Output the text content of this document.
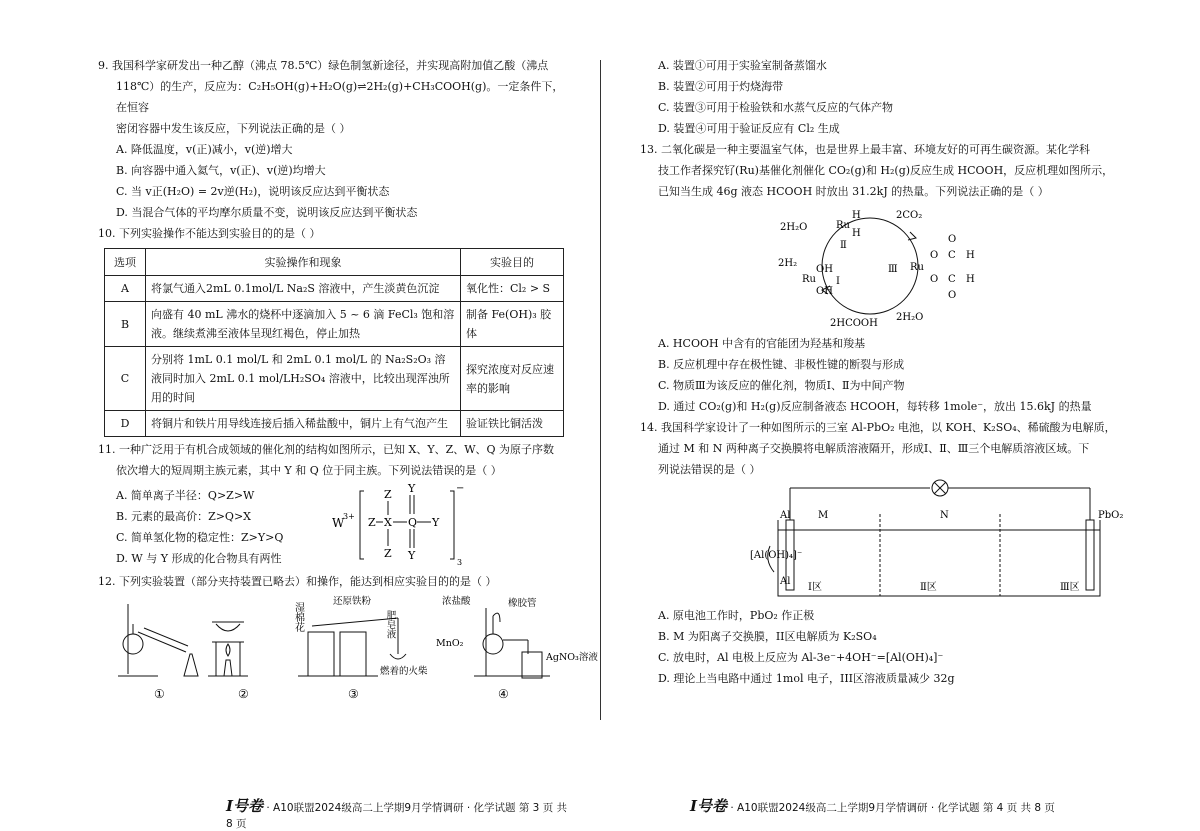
9. 我国科学家研发出一种乙醇（沸点 78.5℃）绿色制氢新途径，并实现高附加值乙酸（沸点

118℃）的生产，反应为：C₂H₅OH(g)+H₂O(g)⇌2H₂(g)+CH₃COOH(g)。一定条件下，在恒容

密闭容器中发生该反应，下列说法正确的是（ ）

A. 降低温度，v(正)减小，v(逆)增大

B. 向容器中通入氦气，v(正)、v(逆)均增大

C. 当 v正(H₂O) = 2v逆(H₂)，说明该反应达到平衡状态

D. 当混合气体的平均摩尔质量不变，说明该反应达到平衡状态

10. 下列实验操作不能达到实验目的的是（ ）

选项	实验操作和现象	实验目的
A	将氯气通入2mL 0.1mol/L Na₂S 溶液中，产生淡黄色沉淀	氧化性：Cl₂ > S
B	向盛有 40 mL 沸水的烧杯中逐滴加入 5 ~ 6 滴 FeCl₃ 饱和溶液。继续煮沸至液体呈现红褐色，停止加热	制备 Fe(OH)₃ 胶体
C	分别将 1mL 0.1 mol/L 和 2mL 0.1 mol/L 的 Na₂S₂O₃ 溶液同时加入 2mL 0.1 mol/LH₂SO₄ 溶液中，比较出现浑浊所用的时间	探究浓度对反应速率的影响
D	将铜片和铁片用导线连接后插入稀盐酸中，铜片上有气泡产生	验证铁比铜活泼

11. 一种广泛用于有机合成领域的催化剂的结构如图所示，已知 X、Y、Z、W、Q 为原子序数

依次增大的短周期主族元素，其中 Y 和 Q 位于同主族。下列说法错误的是（ ）

A. 简单离子半径：Q>Z>W

B. 元素的最高价：Z>Q>X

C. 简单氢化物的稳定性：Z>Y>Q

D. W 与 Y 形成的化合物具有两性

W
3+
−
3
Z
Z X
Z
Q
Y
Y
Y

12. 下列实验装置（部分夹持装置已略去）和操作，能达到相应实验目的的是（ ）

湿棉花
还原铁粉
肥皂液
燃着的火柴
浓盐酸	橡胶管
MnO₂
AgNO₃溶液
①	②	③	④
I号卷 · A10联盟2024级高二上学期9月学情调研 · 化学试题 第 3 页 共 8 页

A. 装置①可用于实验室制备蒸馏水

B. 装置②可用于灼烧海带

C. 装置③可用于检验铁和水蒸气反应的气体产物

D. 装置④可用于验证反应有 Cl₂ 生成

13. 二氧化碳是一种主要温室气体，也是世界上最丰富、环境友好的可再生碳资源。某化学科

技工作者探究钌(Ru)基催化剂催化 CO₂(g)和 H₂(g)反应生成 HCOOH，反应机理如图所示，

已知当生成 46g 液态 HCOOH 时放出 31.2kJ 的热量。下列说法正确的是（ ）

2H₂O
2CO₂
2H₂
2HCOOH
2H₂O
Ru
H
H
Ⅱ
Ru
OH
OH
Ⅰ
Ⅲ Ru
O
O
C
C
H
H
O
O

A. HCOOH 中含有的官能团为羟基和羧基

B. 反应机理中存在极性键、非极性键的断裂与形成

C. 物质Ⅲ为该反应的催化剂，物质Ⅰ、Ⅱ为中间产物

D. 通过 CO₂(g)和 H₂(g)反应制备液态 HCOOH，每转移 1mole⁻，放出 15.6kJ 的热量

14. 我国科学家设计了一种如图所示的三室 Al-PbO₂ 电池，以 KOH、K₂SO₄、稀硫酸为电解质，

通过 M 和 N 两种离子交换膜将电解质溶液隔开，形成Ⅰ、Ⅱ、Ⅲ三个电解质溶液区域。下

列说法错误的是（ ）

Al
[Al(OH)₄]⁻
Al
M	N	PbO₂
Ⅰ区	Ⅱ区	Ⅲ区

A. 原电池工作时，PbO₂ 作正极

B. M 为阳离子交换膜，II区电解质为 K₂SO₄

C. 放电时，Al 电极上反应为 Al-3e⁻+4OH⁻=[Al(OH)₄]⁻

D. 理论上当电路中通过 1mol 电子，III区溶液质量减少 32g

I号卷 · A10联盟2024级高二上学期9月学情调研 · 化学试题 第 4 页 共 8 页
